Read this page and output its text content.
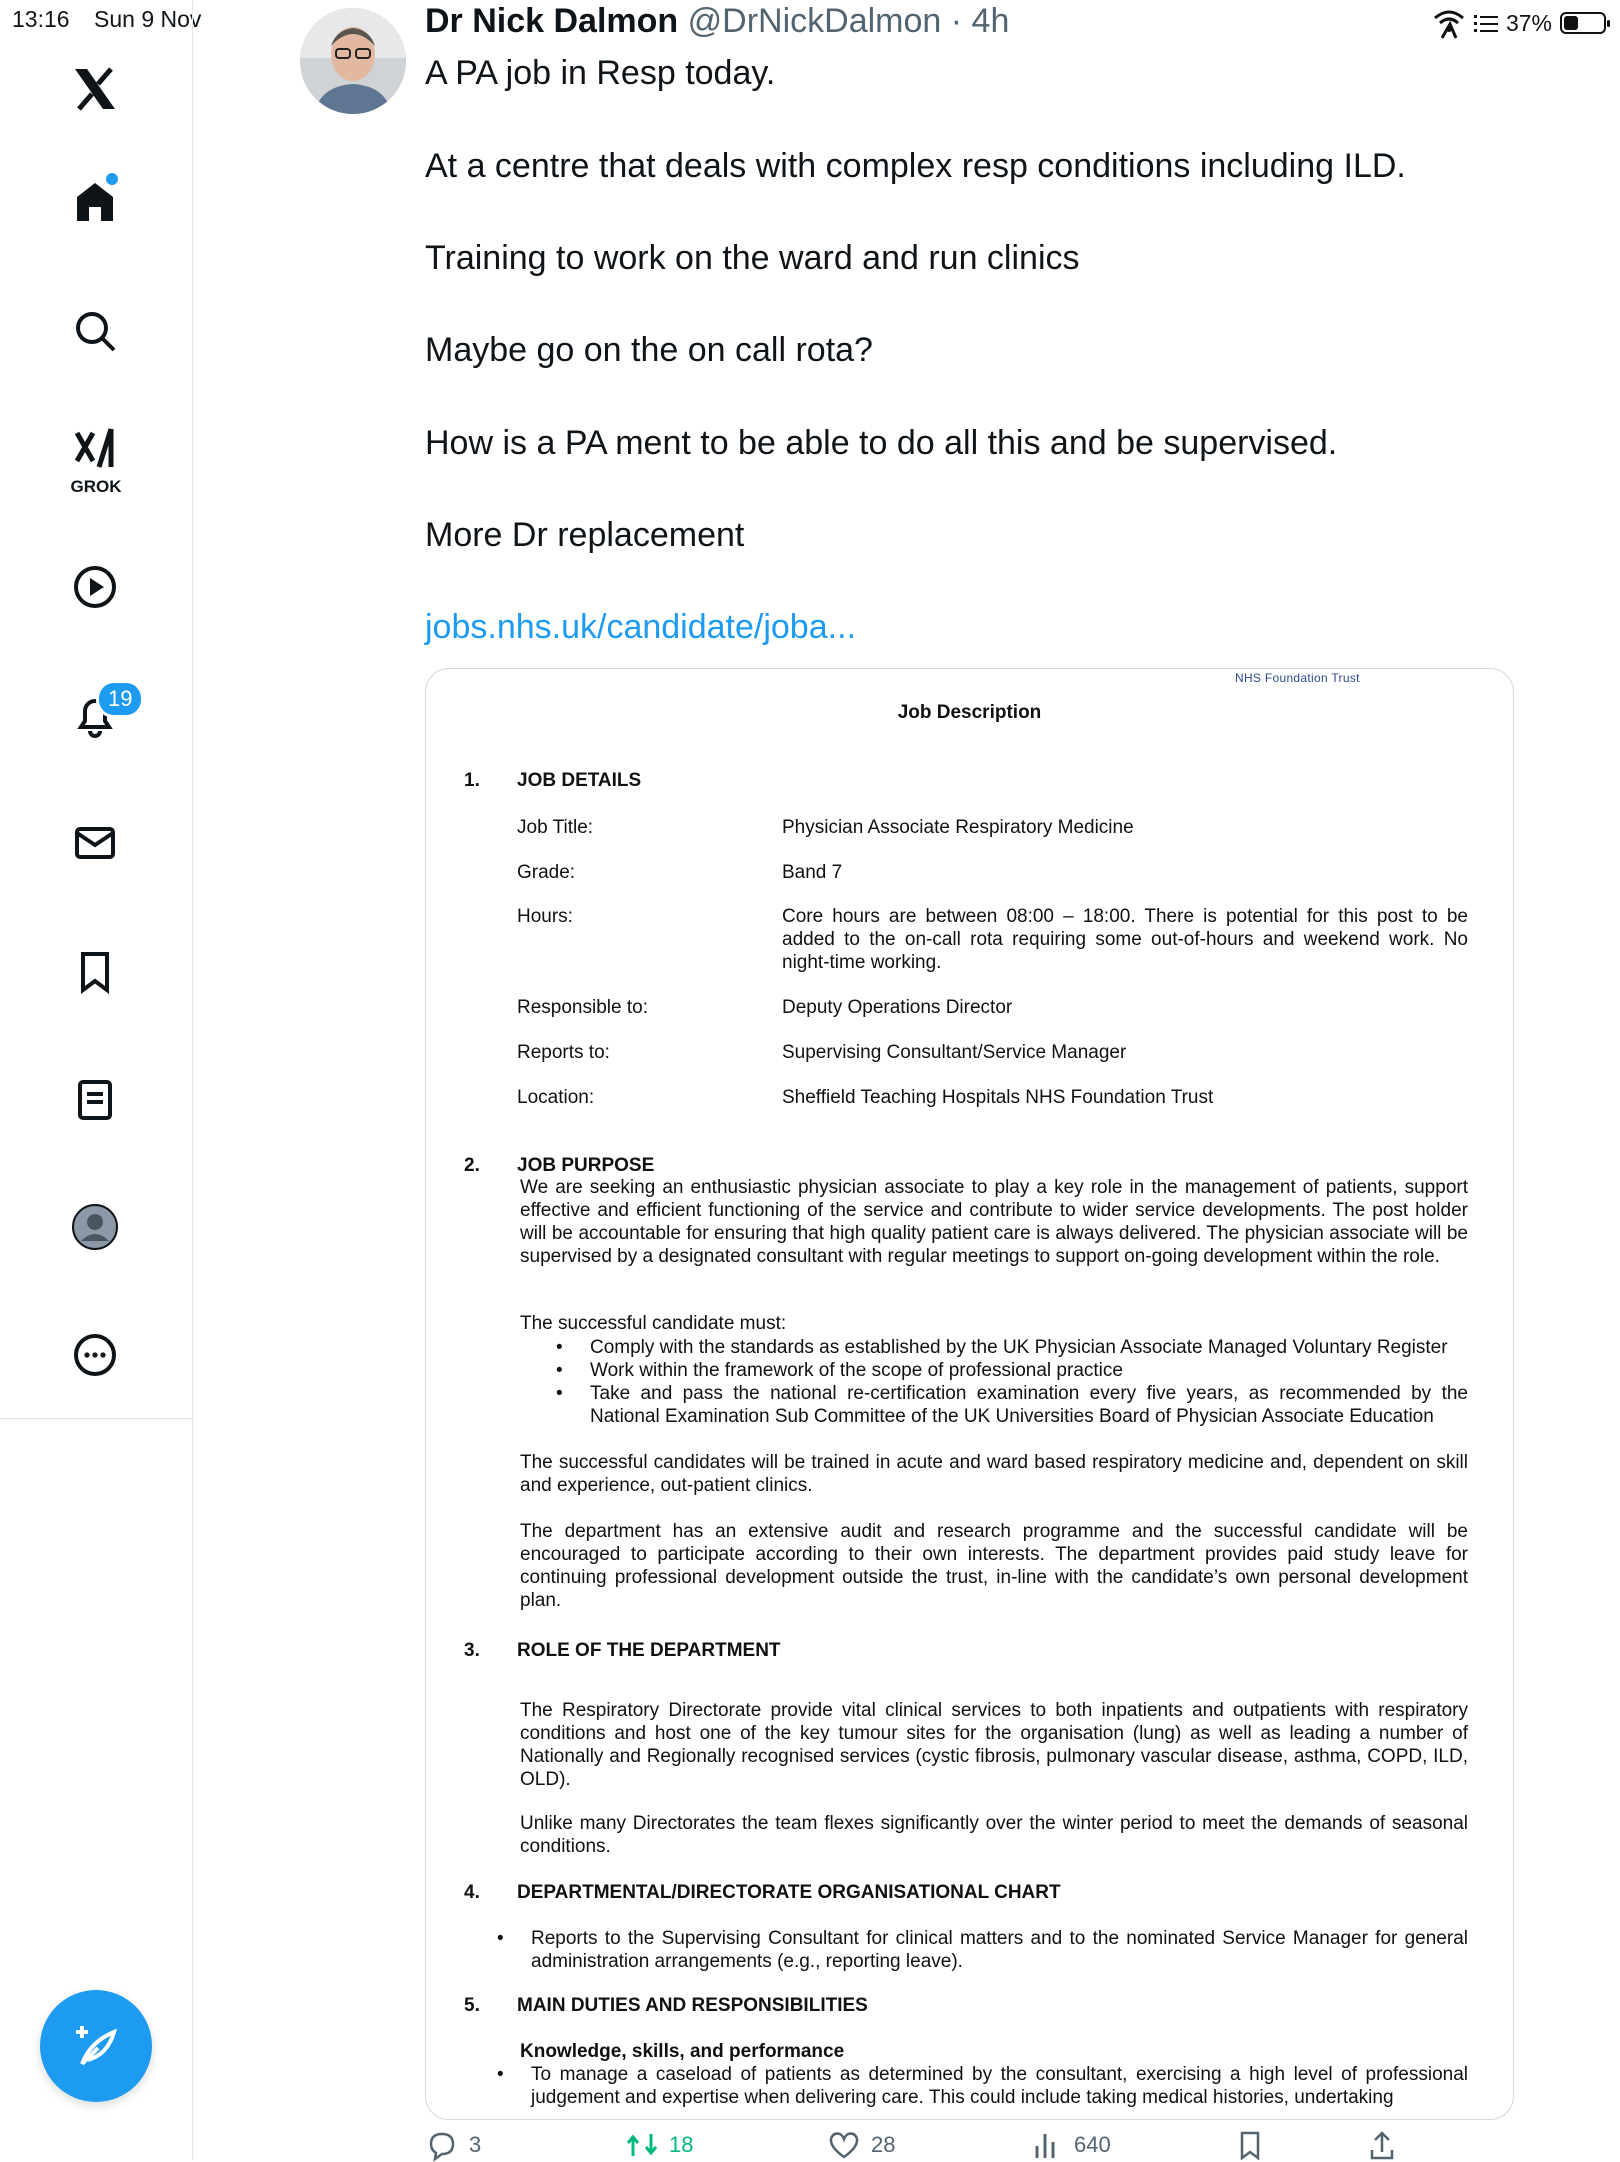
13:16 Sun 9 Nov	37%
GROK
19
Dr Nick Dalmon @DrNickDalmon · 4h
A PA job in Resp today.
At a centre that deals with complex resp conditions including ILD.
Training to work on the ward and run clinics
Maybe go on the on call rota?
How is a PA ment to be able to do all this and be supervised.
More Dr replacement
jobs.nhs.uk/candidate/joba...
NHS Foundation Trust
Job Description
1. JOB DETAILS
Job Title:	Physician Associate Respiratory Medicine
Grade:	Band 7
Hours:	Core hours are between 08:00 – 18:00. There is potential for this post to be added to the on-call rota requiring some out-of-hours and weekend work. No night-time working.
Responsible to:	Deputy Operations Director
Reports to:	Supervising Consultant/Service Manager
Location:	Sheffield Teaching Hospitals NHS Foundation Trust
2. JOB PURPOSE
We are seeking an enthusiastic physician associate to play a key role in the management of patients, support effective and efficient functioning of the service and contribute to wider service developments. The post holder will be accountable for ensuring that high quality patient care is always delivered. The physician associate will be supervised by a designated consultant with regular meetings to support on-going development within the role.
The successful candidate must:
• Comply with the standards as established by the UK Physician Associate Managed Voluntary Register
• Work within the framework of the scope of professional practice
• Take and pass the national re-certification examination every five years, as recommended by the National Examination Sub Committee of the UK Universities Board of Physician Associate Education
The successful candidates will be trained in acute and ward based respiratory medicine and, dependent on skill and experience, out-patient clinics.
The department has an extensive audit and research programme and the successful candidate will be encouraged to participate according to their own interests. The department provides paid study leave for continuing professional development outside the trust, in-line with the candidate’s own personal development plan.
3. ROLE OF THE DEPARTMENT
The Respiratory Directorate provide vital clinical services to both inpatients and outpatients with respiratory conditions and host one of the key tumour sites for the organisation (lung) as well as leading a number of Nationally and Regionally recognised services (cystic fibrosis, pulmonary vascular disease, asthma, COPD, ILD, OLD).
Unlike many Directorates the team flexes significantly over the winter period to meet the demands of seasonal conditions.
4. DEPARTMENTAL/DIRECTORATE ORGANISATIONAL CHART
• Reports to the Supervising Consultant for clinical matters and to the nominated Service Manager for general administration arrangements (e.g., reporting leave).
5. MAIN DUTIES AND RESPONSIBILITIES
Knowledge, skills, and performance
• To manage a caseload of patients as determined by the consultant, exercising a high level of professional judgement and expertise when delivering care. This could include taking medical histories, undertaking
3	18	28	640
